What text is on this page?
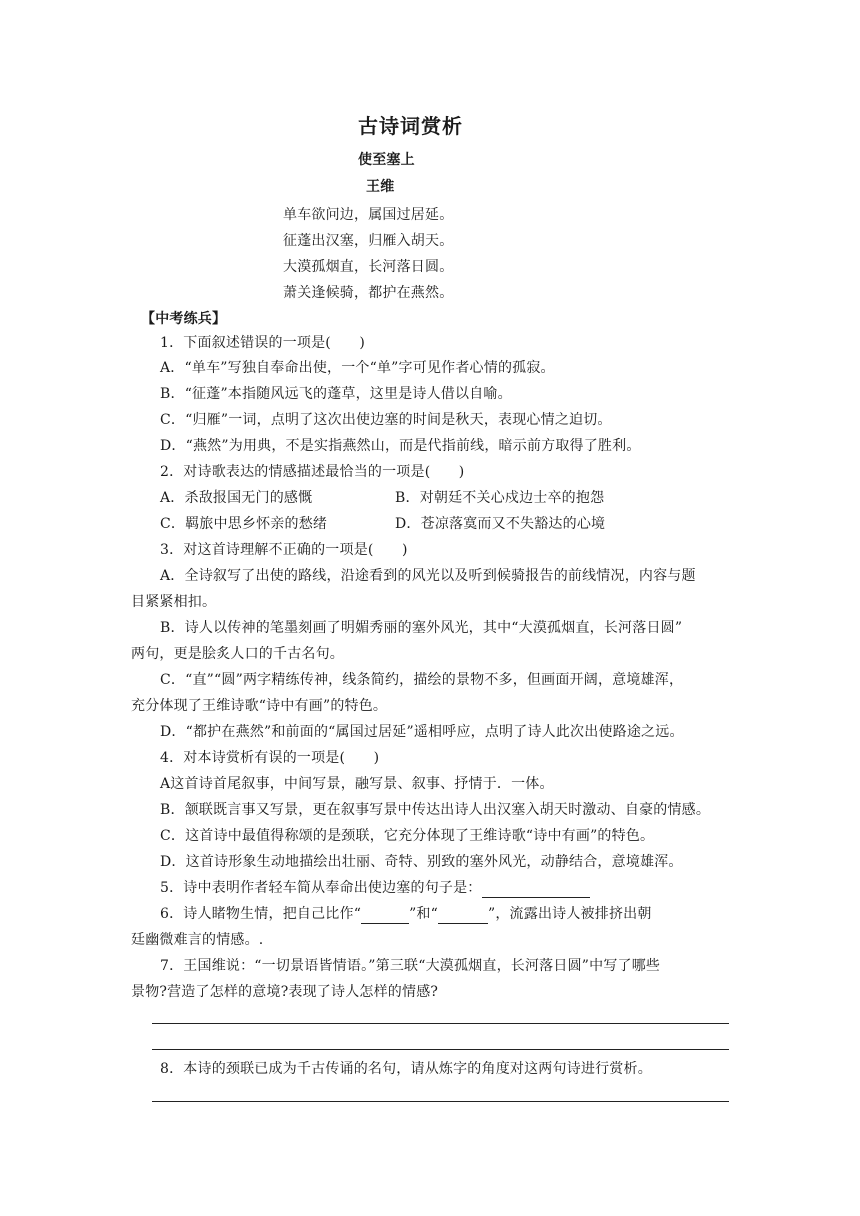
古诗词赏析
使至塞上
王维
单车欲问边，属国过居延。
征蓬出汉塞，归雁入胡天。
大漠孤烟直，长河落日圆。
萧关逢候骑，都护在燕然。
【中考练兵】
1．下面叙述错误的一项是(　　)
A．“单车”写独自奉命出使，一个“单”字可见作者心情的孤寂。
B．“征蓬”本指随风远飞的蓬草，这里是诗人借以自喻。
C．“归雁”一词，点明了这次出使边塞的时间是秋天，表现心情之迫切。
D．“燕然”为用典，不是实指燕然山，而是代指前线，暗示前方取得了胜利。
2．对诗歌表达的情感描述最恰当的一项是(　　)
A．杀敌报国无门的感慨	B．对朝廷不关心戍边士卒的抱怨
C．羁旅中思乡怀亲的愁绪	D．苍凉落寞而又不失豁达的心境
3．对这首诗理解不正确的一项是(　　)
A．全诗叙写了出使的路线，沿途看到的风光以及听到候骑报告的前线情况，内容与题
目紧紧相扣。
B．诗人以传神的笔墨刻画了明媚秀丽的塞外风光，其中“大漠孤烟直，长河落日圆”
两句，更是脍炙人口的千古名句。
C．“直”“圆”两字精练传神，线条简约，描绘的景物不多，但画面开阔，意境雄浑，
充分体现了王维诗歌“诗中有画”的特色。
D．“都护在燕然”和前面的“属国过居延”遥相呼应，点明了诗人此次出使路途之远。
4．对本诗赏析有误的一项是(　　)
A这首诗首尾叙事，中间写景，融写景、叙事、抒情于．一体。
B．颔联既言事又写景，更在叙事写景中传达出诗人出汉塞入胡天时激动、自豪的情感。
C．这首诗中最值得称颂的是颈联，它充分体现了王维诗歌“诗中有画”的特色。
D．这首诗形象生动地描绘出壮丽、奇特、别致的塞外风光，动静结合，意境雄浑。
5．诗中表明作者轻车简从奉命出使边塞的句子是：
6．诗人睹物生情，把自己比作“	”和“	”，流露出诗人被排挤出朝
廷幽微难言的情感。.
7．王国维说：“一切景语皆情语。”第三联“大漠孤烟直，长河落日圆”中写了哪些
景物?营造了怎样的意境?表现了诗人怎样的情感?
8．本诗的颈联已成为千古传诵的名句，请从炼字的角度对这两句诗进行赏析。
